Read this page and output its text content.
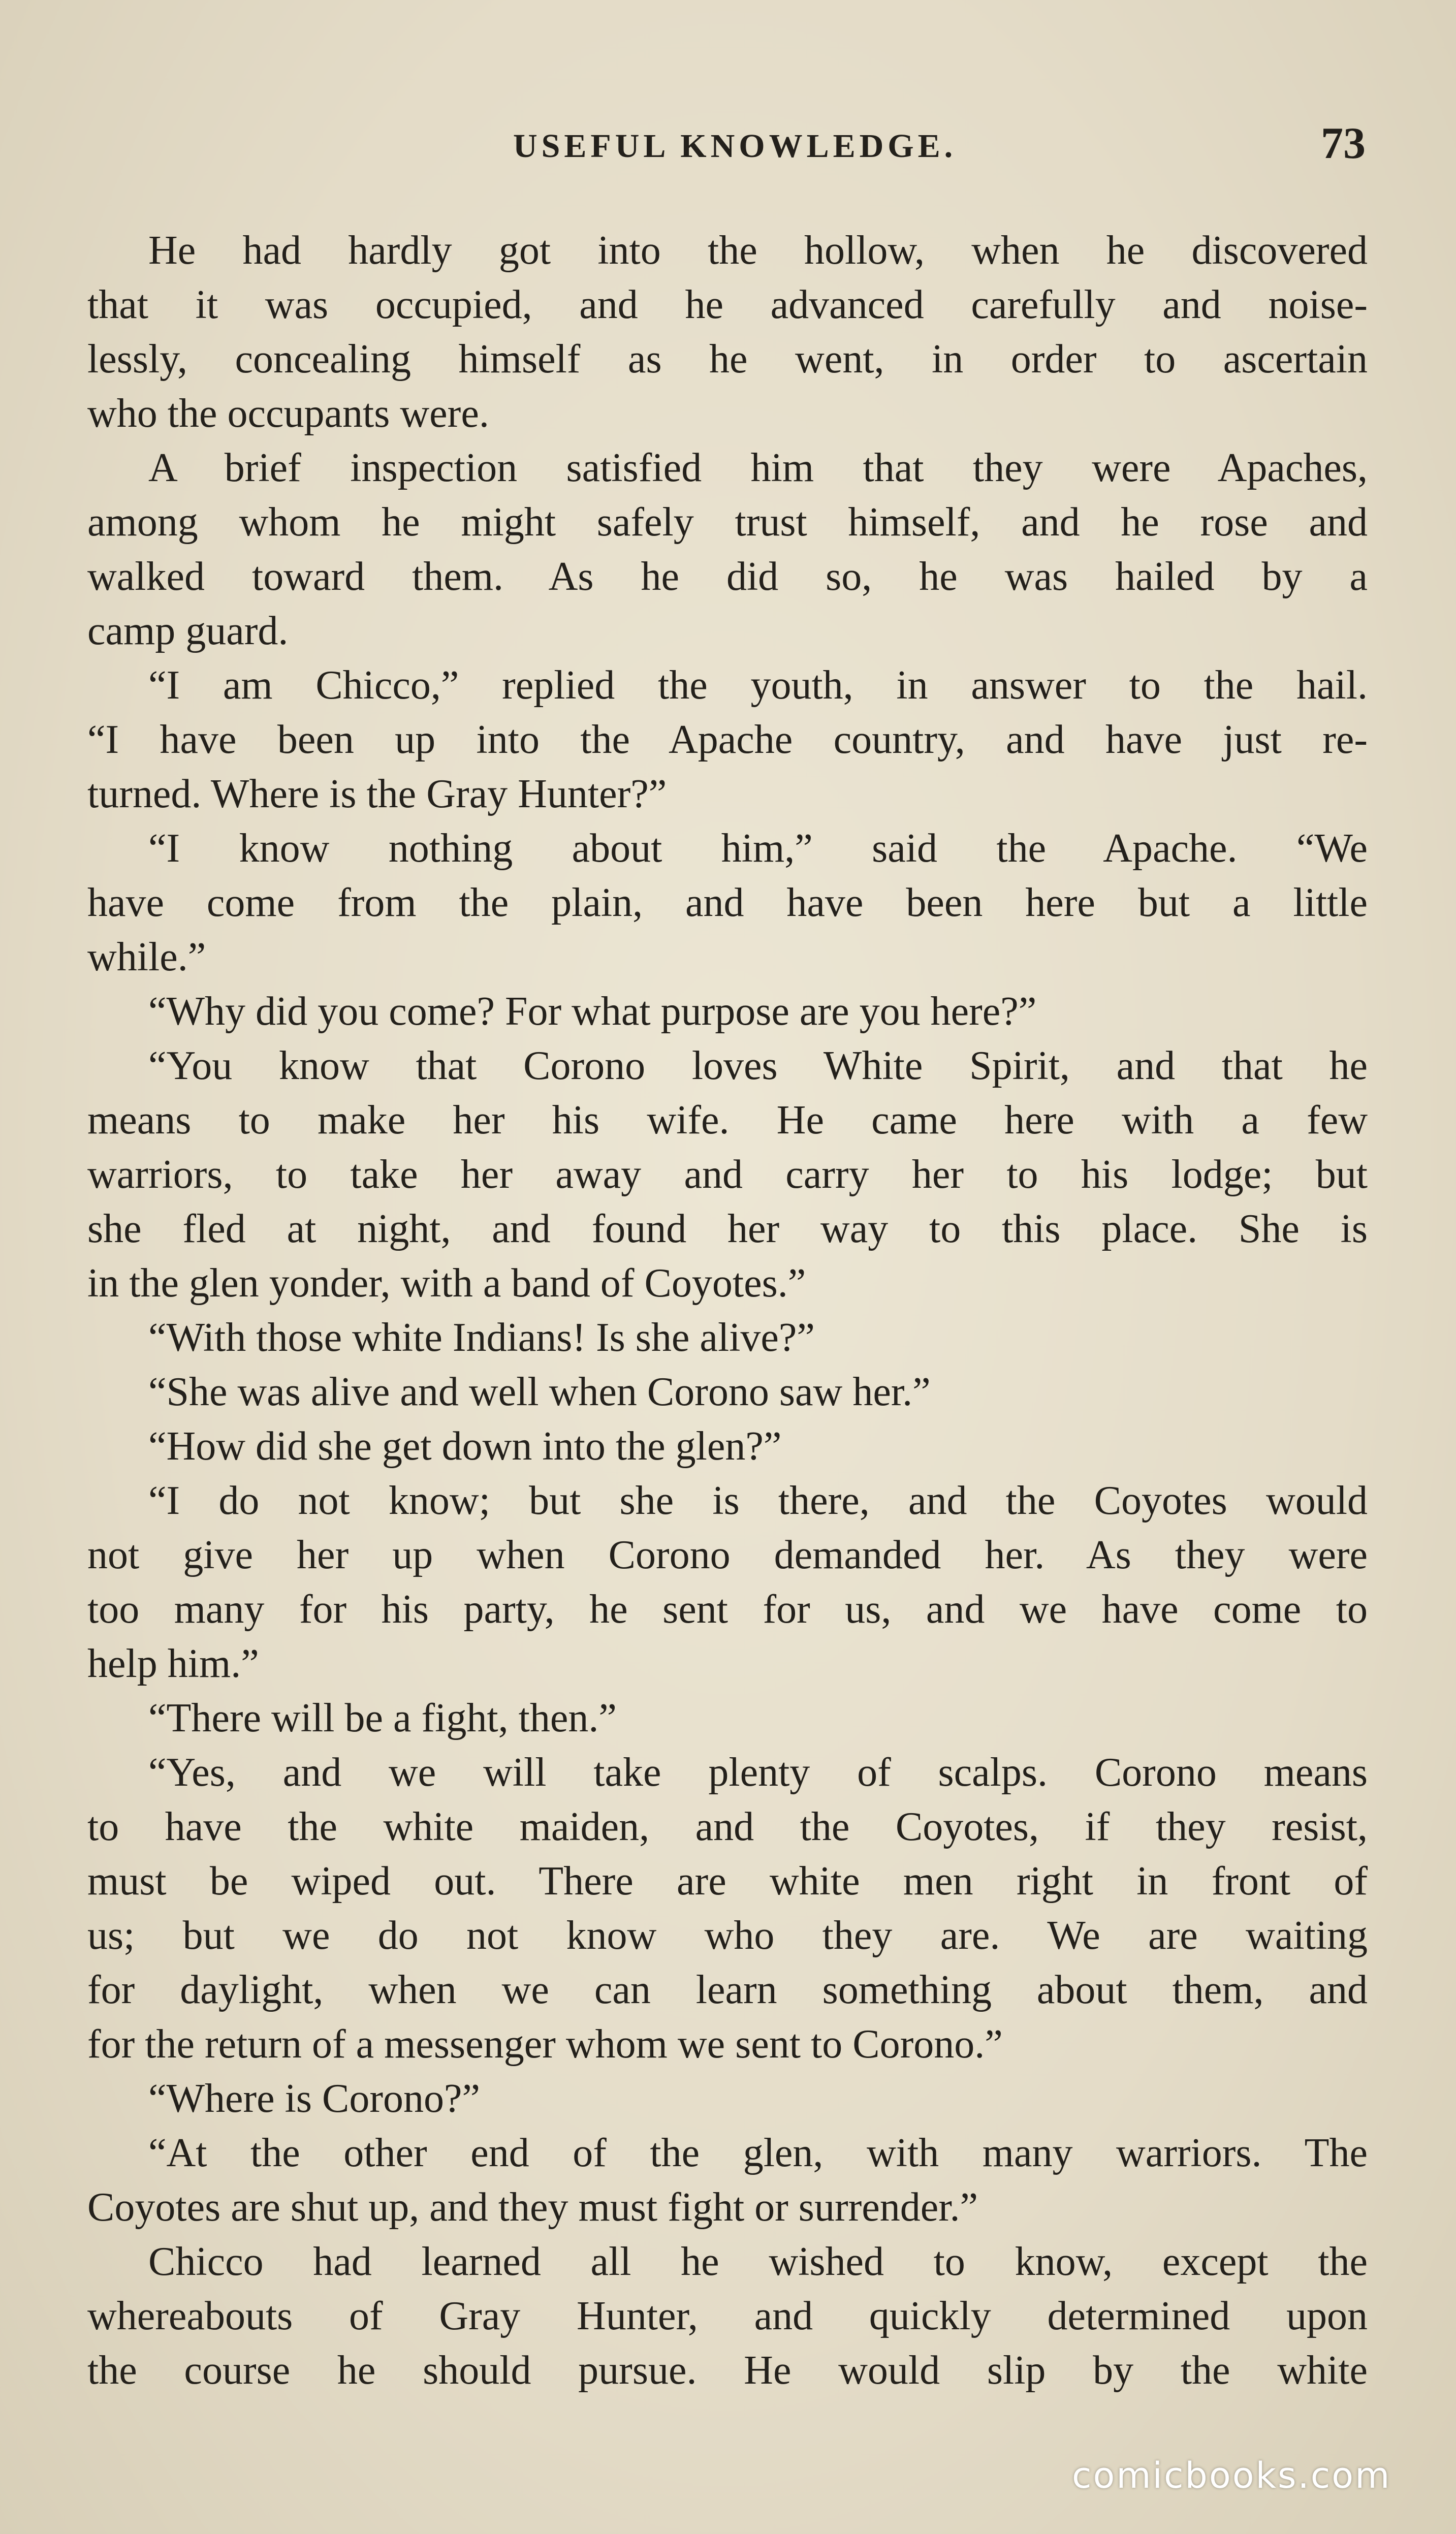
USEFUL KNOWLEDGE.	73
He had hardly got into the hollow, when he discovered
that it was occupied, and he advanced carefully and noise-
lessly, concealing himself as he went, in order to ascertain
who the occupants were.
A brief inspection satisfied him that they were Apaches,
among whom he might safely trust himself, and he rose and
walked toward them. As he did so, he was hailed by a
camp guard.
“I am Chicco,” replied the youth, in answer to the hail.
“I have been up into the Apache country, and have just re-
turned. Where is the Gray Hunter?”
“I know nothing about him,” said the Apache. “We
have come from the plain, and have been here but a little
while.”
“Why did you come? For what purpose are you here?”
“You know that Corono loves White Spirit, and that he
means to make her his wife. He came here with a few
warriors, to take her away and carry her to his lodge; but
she fled at night, and found her way to this place. She is
in the glen yonder, with a band of Coyotes.”
“With those white Indians! Is she alive?”
“She was alive and well when Corono saw her.”
“How did she get down into the glen?”
“I do not know; but she is there, and the Coyotes would
not give her up when Corono demanded her. As they were
too many for his party, he sent for us, and we have come to
help him.”
“There will be a fight, then.”
“Yes, and we will take plenty of scalps. Corono means
to have the white maiden, and the Coyotes, if they resist,
must be wiped out. There are white men right in front of
us; but we do not know who they are. We are waiting
for daylight, when we can learn something about them, and
for the return of a messenger whom we sent to Corono.”
“Where is Corono?”
“At the other end of the glen, with many warriors. The
Coyotes are shut up, and they must fight or surrender.”
Chicco had learned all he wished to know, except the
whereabouts of Gray Hunter, and quickly determined upon
the course he should pursue. He would slip by the white
comicbooks.com
